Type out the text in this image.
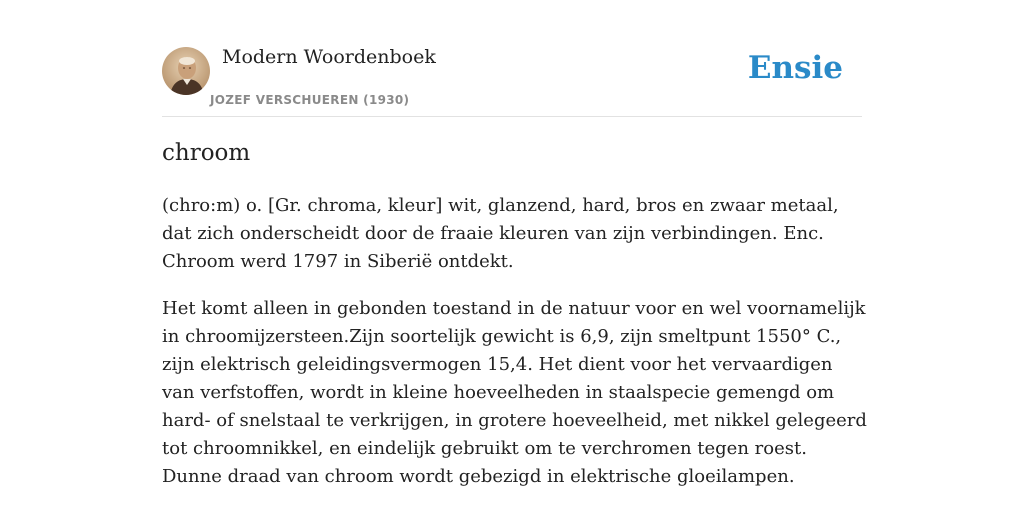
Modern Woordenboek
JOZEF VERSCHUEREN (1930)
Ensie
chroom

(chro:m) o. [Gr. chroma, kleur] wit, glanzend, hard, bros en zwaar metaal, dat zich onderscheidt door de fraaie kleuren van zijn verbindingen. Enc. Chroom werd 1797 in Siberië ontdekt.

Het komt alleen in gebonden toestand in de natuur voor en wel voornamelijk in chroomijzersteen.Zijn soortelijk gewicht is 6,9, zijn smeltpunt 1550° C., zijn elektrisch geleidingsvermogen 15,4. Het dient voor het vervaardigen van verfstoffen, wordt in kleine hoeveelheden in staalspecie gemengd om hard- of snelstaal te verkrijgen, in grotere hoeveelheid, met nikkel gelegeerd tot chroomnikkel, en eindelijk gebruikt om te verchromen tegen roest. Dunne draad van chroom wordt gebezigd in elektrische gloeilampen.
